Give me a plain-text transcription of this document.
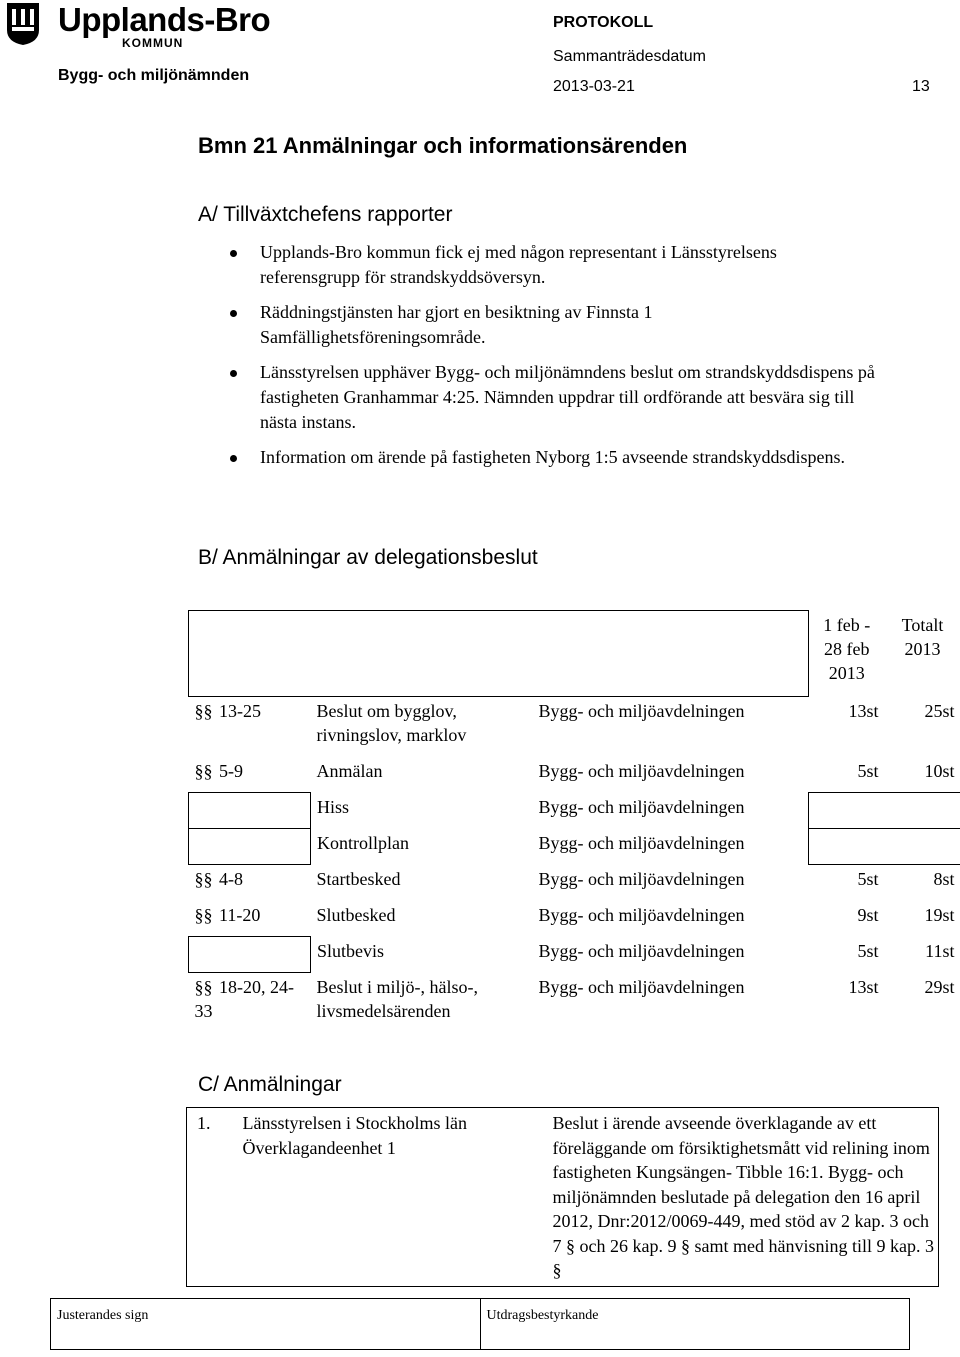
Upplands-Bro
KOMMUN
Bygg- och miljönämnden
PROTOKOLL
Sammanträdesdatum
2013-03-21	13
Bmn 21 Anmälningar och informationsärenden
A/ Tillväxtchefens rapporter
Upplands-Bro kommun fick ej med någon representant i Länsstyrelsens referensgrupp för strandskyddsöversyn.
Räddningstjänsten har gjort en besiktning av Finnsta 1 Samfällighetsföreningsområde.
Länsstyrelsen upphäver Bygg- och miljönämndens beslut om strandskyddsdispens på fastigheten Granhammar 4:25. Nämnden uppdrar till ordförande att besvära sig till nästa instans.
Information om ärende på fastigheten Nyborg 1:5 avseende strandskyddsdispens.
B/ Anmälningar av delegationsbeslut
			1 feb - 28 feb 2013	Totalt 2013
§§ 13-25	Beslut om bygglov, rivningslov, marklov	Bygg- och miljöavdelningen	13st	25st
§§ 5-9	Anmälan	Bygg- och miljöavdelningen	5st	10st
	Hiss	Bygg- och miljöavdelningen		
	Kontrollplan	Bygg- och miljöavdelningen		
§§ 4-8	Startbesked	Bygg- och miljöavdelningen	5st	8st
§§ 11-20	Slutbesked	Bygg- och miljöavdelningen	9st	19st
	Slutbevis	Bygg- och miljöavdelningen	5st	11st
§§ 18-20, 24-33	Beslut i miljö-, hälso-, livsmedelsärenden	Bygg- och miljöavdelningen	13st	29st
C/ Anmälningar
1.	Länsstyrelsen i Stockholms län Överklagandeenhet 1	Beslut i ärende avseende överklagande av ett föreläggande om försiktighetsmått vid relining inom fastigheten Kungsängen- Tibble 16:1. Bygg- och miljönämnden beslutade på delegation den 16 april 2012, Dnr:2012/0069-449, med stöd av 2 kap. 3 och 7 § och 26 kap. 9 § samt med hänvisning till 9 kap. 3 §
Justerandes sign	Utdragsbestyrkande
